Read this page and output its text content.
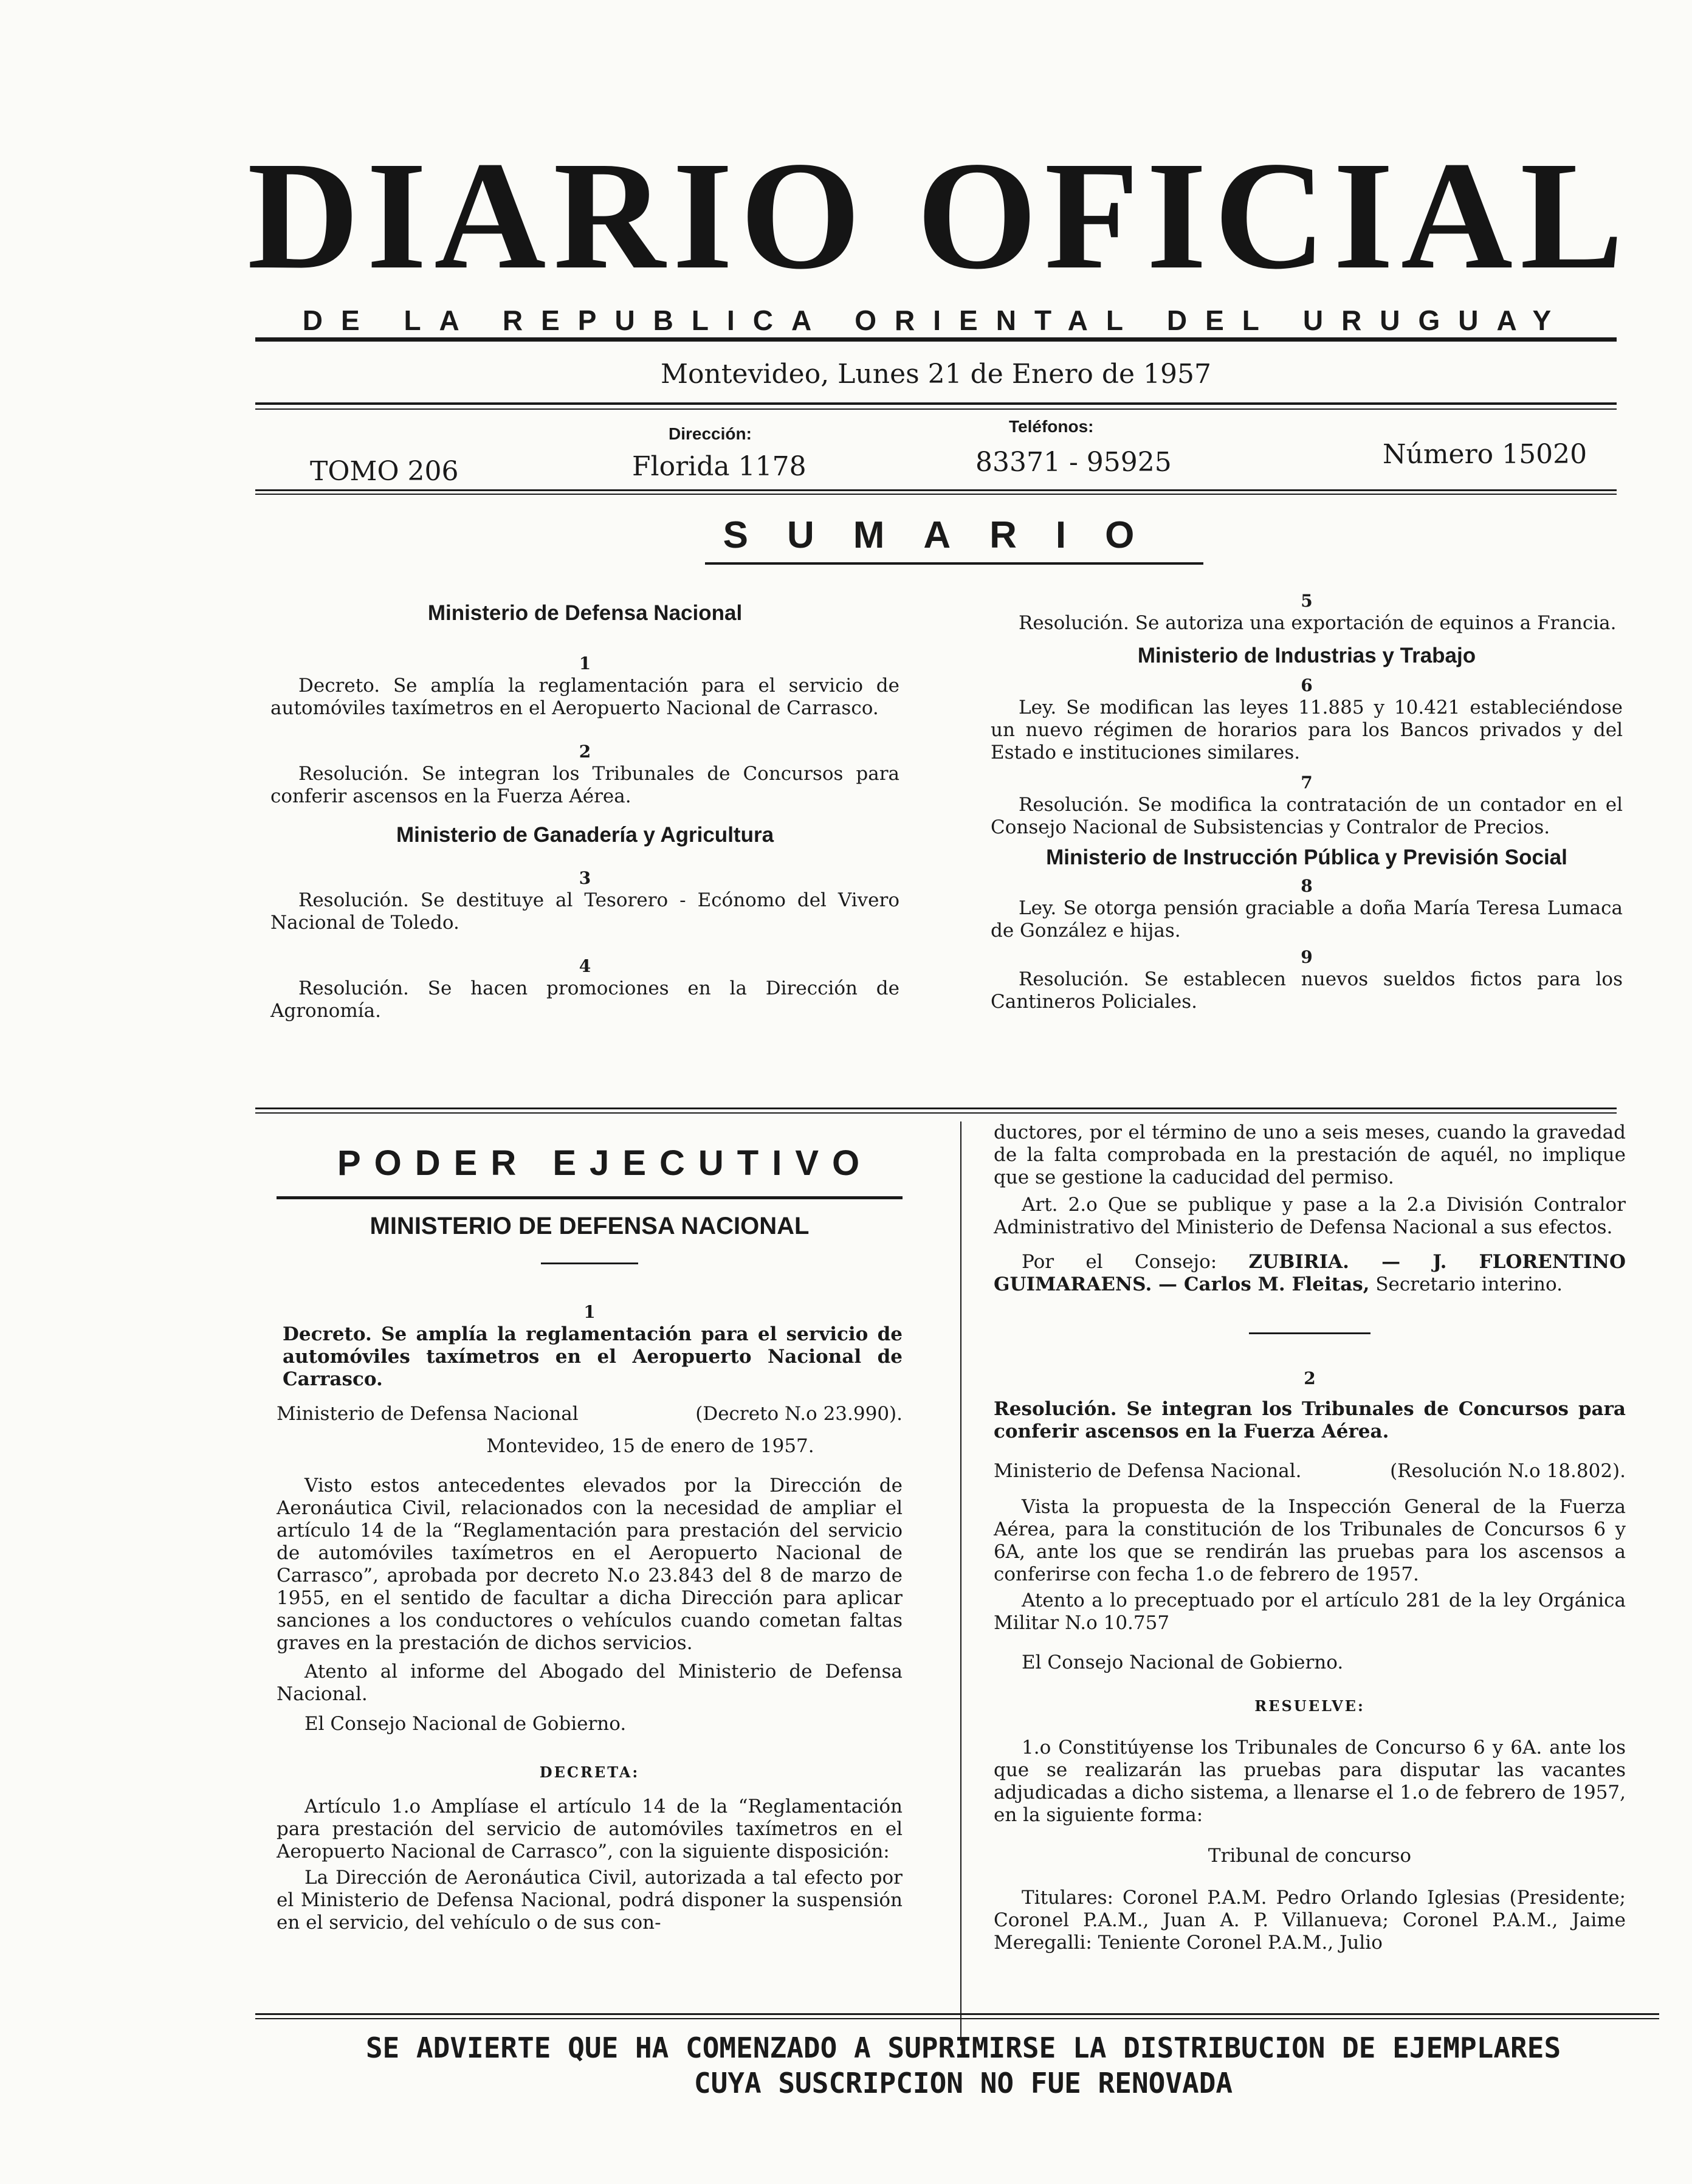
DIARIO OFICIAL
DE LA REPUBLICA ORIENTAL DEL URUGUAY
Montevideo, Lunes 21 de Enero de 1957
TOMO 206
Dirección:
Florida 1178
Teléfonos:
83371 - 95925	Número 15020
SUMARIO

Ministerio de Defensa Nacional

1

Decreto. Se amplía la reglamentación para el servicio de automóviles taxímetros en el Aeropuerto Nacional de Carrasco.

2

Resolución. Se integran los Tribunales de Concursos para conferir ascensos en la Fuerza Aérea.

Ministerio de Ganadería y Agricultura

3

Resolución. Se destituye al Tesorero - Ecónomo del Vivero Nacional de Toledo.

4

Resolución. Se hacen promociones en la Dirección de Agronomía.

5

Resolución. Se autoriza una exportación de equinos a Francia.

Ministerio de Industrias y Trabajo

6

Ley. Se modifican las leyes 11.885 y 10.421 estableciéndose un nuevo régimen de horarios para los Bancos privados y del Estado e instituciones similares.

7

Resolución. Se modifica la contratación de un contador en el Consejo Nacional de Subsistencias y Contralor de Precios.

Ministerio de Instrucción Pública y Previsión Social

8

Ley. Se otorga pensión graciable a doña María Teresa Lumaca de González e hijas.

9

Resolución. Se establecen nuevos sueldos fictos para los Cantineros Policiales.

PODER EJECUTIVO
MINISTERIO DE DEFENSA NACIONAL

1

Decreto. Se amplía la reglamentación para el servicio de automóviles taxímetros en el Aeropuerto Nacional de Carrasco.

Ministerio de Defensa Nacional	(Decreto N.o 23.990).

Montevideo, 15 de enero de 1957.

Visto estos antecedentes elevados por la Dirección de Aeronáutica Civil, relacionados con la necesidad de ampliar el artículo 14 de la “Reglamentación para prestación del servicio de automóviles taxímetros en el Aeropuerto Nacional de Carrasco”, aprobada por decreto N.o 23.843 del 8 de marzo de 1955, en el sentido de facultar a dicha Dirección para aplicar sanciones a los conductores o vehículos cuando cometan faltas graves en la prestación de dichos servicios.

Atento al informe del Abogado del Ministerio de Defensa Nacional.

El Consejo Nacional de Gobierno.

DECRETA:

Artículo 1.o Amplíase el artículo 14 de la “Reglamentación para prestación del servicio de automóviles taxímetros en el Aeropuerto Nacional de Carrasco”, con la siguiente disposición:

La Dirección de Aeronáutica Civil, autorizada a tal efecto por el Ministerio de Defensa Nacional, podrá disponer la suspensión en el servicio, del vehículo o de sus con-

ductores, por el término de uno a seis meses, cuando la gravedad de la falta comprobada en la prestación de aquél, no implique que se gestione la caducidad del permiso.

Art. 2.o Que se publique y pase a la 2.a División Contralor Administrativo del Ministerio de Defensa Nacional a sus efectos.

Por el Consejo: ZUBIRIA. — J. FLORENTINO GUIMARAENS. — Carlos M. Fleitas, Secretario interino.

2

Resolución. Se integran los Tribunales de Concursos para conferir ascensos en la Fuerza Aérea.

Ministerio de Defensa Nacional.	(Resolución N.o 18.802).

Vista la propuesta de la Inspección General de la Fuerza Aérea, para la constitución de los Tribunales de Concursos 6 y 6A, ante los que se rendirán las pruebas para los ascensos a conferirse con fecha 1.o de febrero de 1957.

Atento a lo preceptuado por el artículo 281 de la ley Orgánica Militar N.o 10.757

El Consejo Nacional de Gobierno.

RESUELVE:

1.o Constitúyense los Tribunales de Concurso 6 y 6A. ante los que se realizarán las pruebas para disputar las vacantes adjudicadas a dicho sistema, a llenarse el 1.o de febrero de 1957, en la siguiente forma:

Tribunal de concurso

Titulares: Coronel P.A.M. Pedro Orlando Iglesias (Presidente; Coronel P.A.M., Juan A. P. Villanueva; Coronel P.A.M., Jaime Meregalli: Teniente Coronel P.A.M., Julio

SE ADVIERTE QUE HA COMENZADO A SUPRIMIRSE LA DISTRIBUCION DE EJEMPLARES
CUYA SUSCRIPCION NO FUE RENOVADA
